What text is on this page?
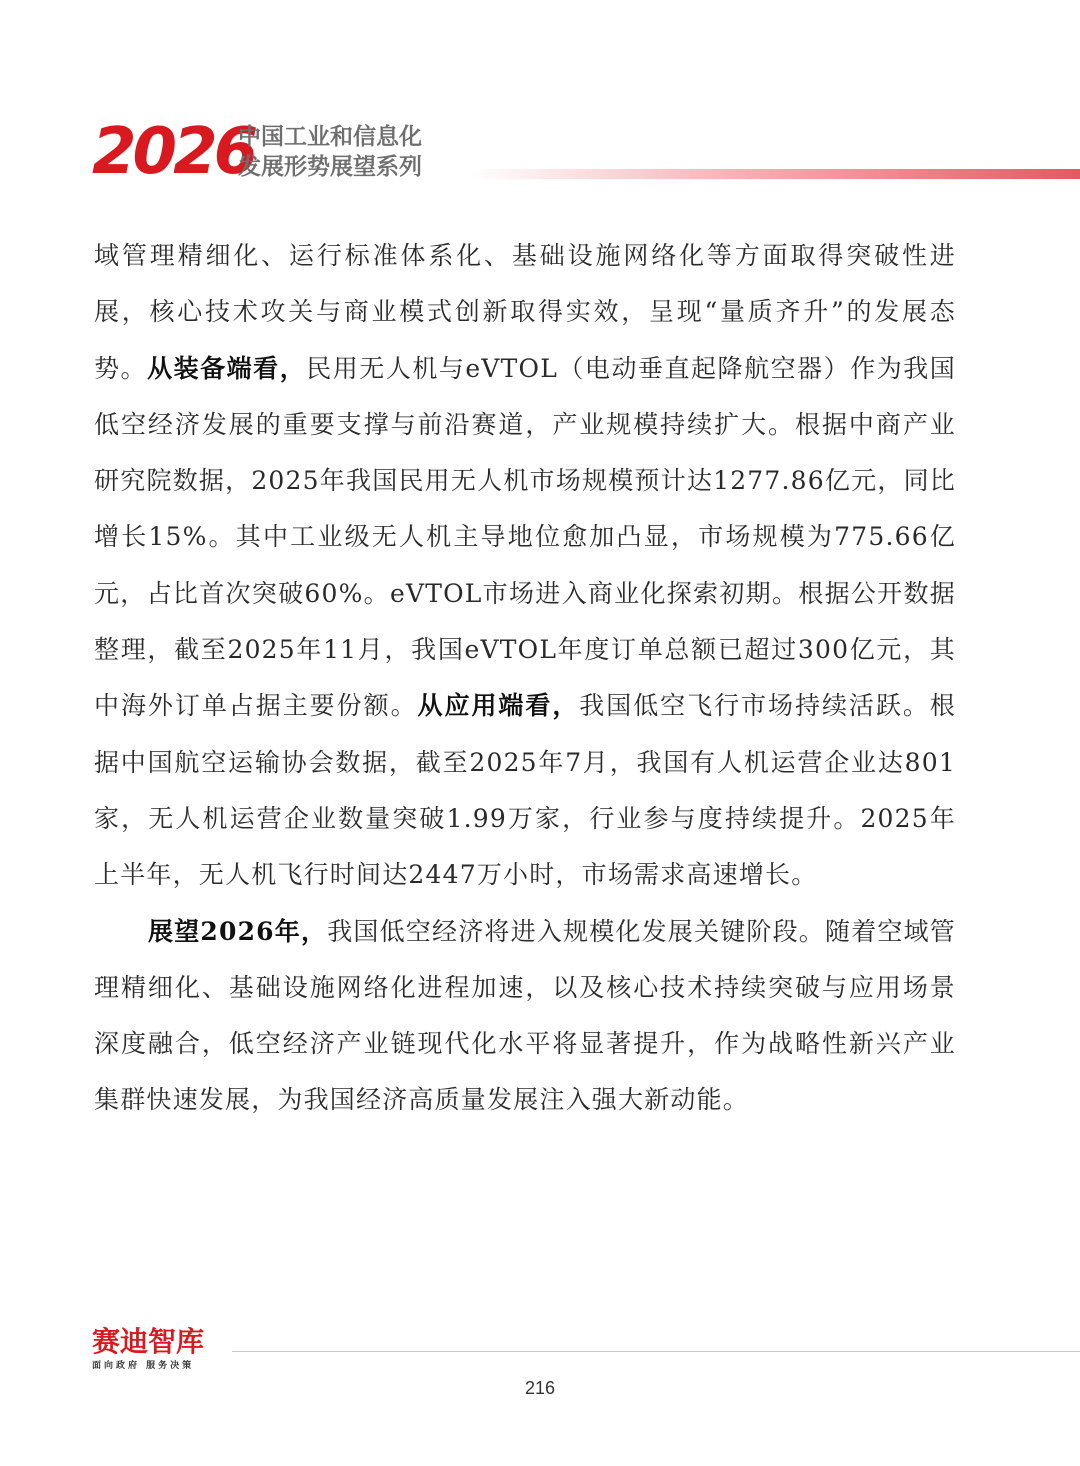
2026
中国工业和信息化
发展形势展望系列

域管理精细化、运行标准体系化、基础设施网络化等方面取得突破性进展，核心技术攻关与商业模式创新取得实效，呈现“量质齐升”的发展态势。从装备端看，民用无人机与eVTOL（电动垂直起降航空器）作为我国低空经济发展的重要支撑与前沿赛道，产业规模持续扩大。根据中商产业研究院数据，2025年我国民用无人机市场规模预计达1277.86亿元，同比增长15%。其中工业级无人机主导地位愈加凸显，市场规模为775.66亿元，占比首次突破60%。eVTOL市场进入商业化探索初期。根据公开数据整理，截至2025年11月，我国eVTOL年度订单总额已超过300亿元，其中海外订单占据主要份额。从应用端看，我国低空飞行市场持续活跃。根据中国航空运输协会数据，截至2025年7月，我国有人机运营企业达801家，无人机运营企业数量突破1.99万家，行业参与度持续提升。2025年上半年，无人机飞行时间达2447万小时，市场需求高速增长。

展望2026年，我国低空经济将进入规模化发展关键阶段。随着空域管理精细化、基础设施网络化进程加速，以及核心技术持续突破与应用场景深度融合，低空经济产业链现代化水平将显著提升，作为战略性新兴产业集群快速发展，为我国经济高质量发展注入强大新动能。

赛迪智库
面向政府 服务决策
216
